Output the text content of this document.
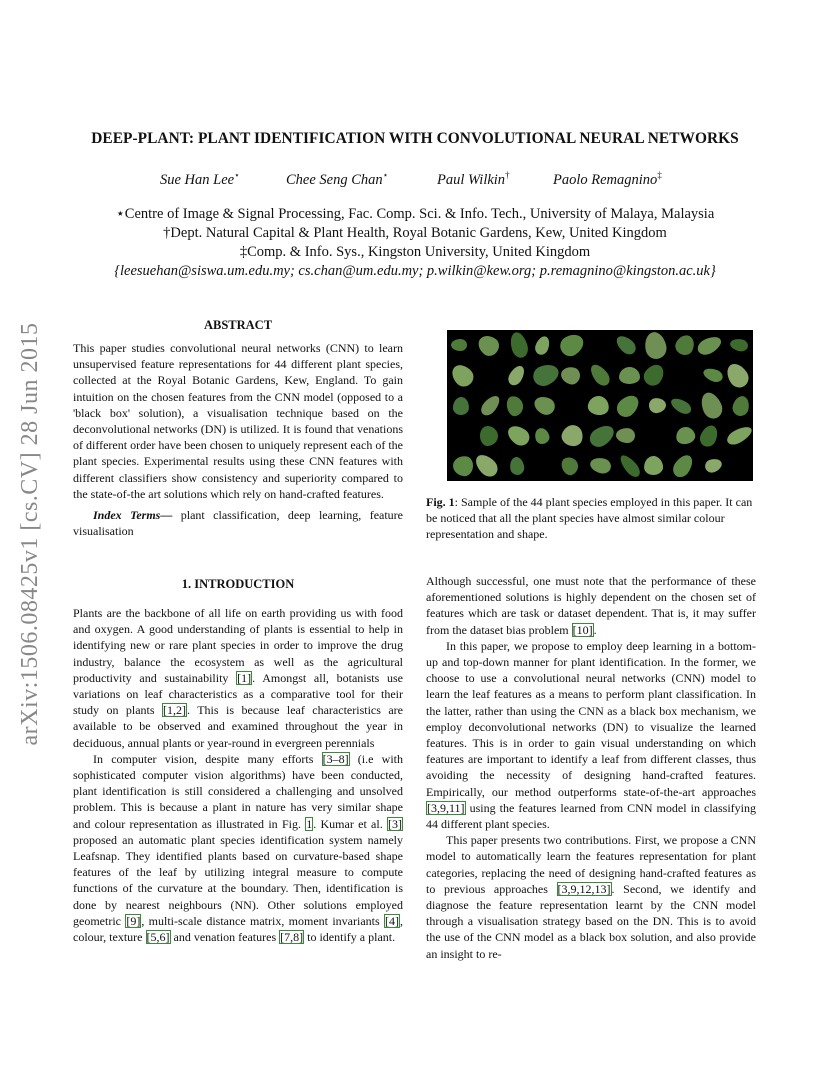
arXiv:1506.08425v1 [cs.CV] 28 Jun 2015
DEEP-PLANT: PLANT IDENTIFICATION WITH CONVOLUTIONAL NEURAL NETWORKS
Sue Han Lee⋆	Chee Seng Chan⋆	Paul Wilkin†	Paolo Remagnino‡
⋆Centre of Image & Signal Processing, Fac. Comp. Sci. & Info. Tech., University of Malaya, Malaysia
†Dept. Natural Capital & Plant Health, Royal Botanic Gardens, Kew, United Kingdom
‡Comp. & Info. Sys., Kingston University, United Kingdom
{leesuehan@siswa.um.edu.my; cs.chan@um.edu.my; p.wilkin@kew.org; p.remagnino@kingston.ac.uk}
ABSTRACT

This paper studies convolutional neural networks (CNN) to learn unsupervised feature representations for 44 different plant species, collected at the Royal Botanic Gardens, Kew, England. To gain intuition on the chosen features from the CNN model (opposed to a 'black box' solution), a visualisation technique based on the deconvolutional networks (DN) is utilized. It is found that venations of different order have been chosen to uniquely represent each of the plant species. Experimental results using these CNN features with different classifiers show consistency and superiority compared to the state-of-the art solutions which rely on hand-crafted features.

Index Terms— plant classification, deep learning, feature visualisation

1. INTRODUCTION

Plants are the backbone of all life on earth providing us with food and oxygen. A good understanding of plants is essential to help in identifying new or rare plant species in order to improve the drug industry, balance the ecosystem as well as the agricultural productivity and sustainability [1]. Amongst all, botanists use variations on leaf characteristics as a comparative tool for their study on plants [1,2]. This is because leaf characteristics are available to be observed and examined throughout the year in deciduous, annual plants or year-round in evergreen perennials

In computer vision, despite many efforts [3–8] (i.e with sophisticated computer vision algorithms) have been conducted, plant identification is still considered a challenging and unsolved problem. This is because a plant in nature has very similar shape and colour representation as illustrated in Fig. 1. Kumar et al. [3] proposed an automatic plant species identification system namely Leafsnap. They identified plants based on curvature-based shape features of the leaf by utilizing integral measure to compute functions of the curvature at the boundary. Then, identification is done by nearest neighbours (NN). Other solutions employed geometric [9], multi-scale distance matrix, moment invariants [4], colour, texture [5,6] and venation features [7,8] to identify a plant.

Fig. 1: Sample of the 44 plant species employed in this paper. It can be noticed that all the plant species have almost similar colour representation and shape.

Although successful, one must note that the performance of these aforementioned solutions is highly dependent on the chosen set of features which are task or dataset dependent. That is, it may suffer from the dataset bias problem [10].

In this paper, we propose to employ deep learning in a bottom-up and top-down manner for plant identification. In the former, we choose to use a convolutional neural networks (CNN) model to learn the leaf features as a means to perform plant classification. In the latter, rather than using the CNN as a black box mechanism, we employ deconvolutional networks (DN) to visualize the learned features. This is in order to gain visual understanding on which features are important to identify a leaf from different classes, thus avoiding the necessity of designing hand-crafted features. Empirically, our method outperforms state-of-the-art approaches [3,9,11] using the features learned from CNN model in classifying 44 different plant species.

This paper presents two contributions. First, we propose a CNN model to automatically learn the features representation for plant categories, replacing the need of designing hand-crafted features as to previous approaches [3,9,12,13]. Second, we identify and diagnose the feature representation learnt by the CNN model through a visualisation strategy based on the DN. This is to avoid the use of the CNN model as a black box solution, and also provide an insight to re-
